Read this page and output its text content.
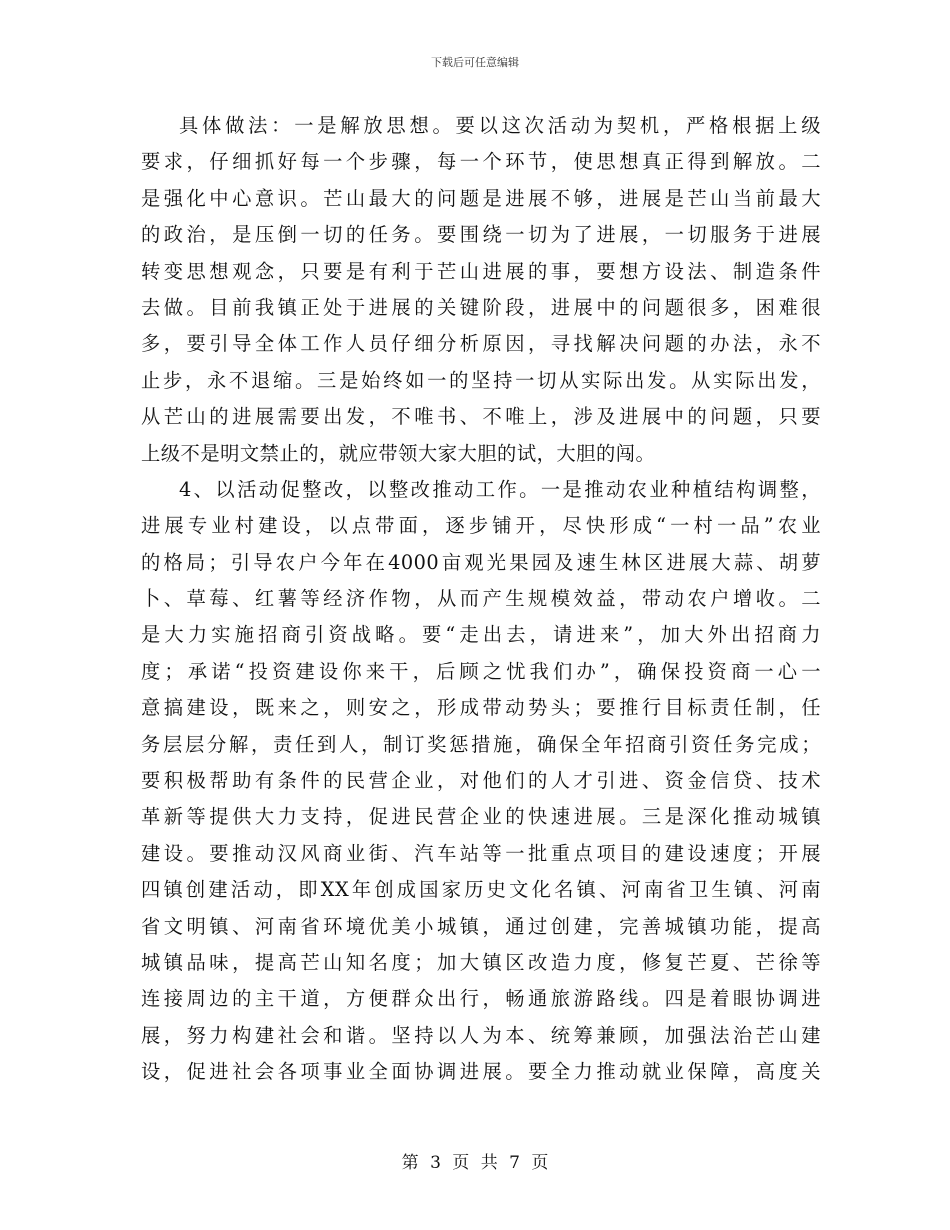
下载后可任意编辑
具体做法：一是解放思想。要以这次活动为契机，严格根据上级
要求，仔细抓好每一个步骤，每一个环节，使思想真正得到解放。二
是强化中心意识。芒山最大的问题是进展不够，进展是芒山当前最大
的政治，是压倒一切的任务。要围绕一切为了进展，一切服务于进展
转变思想观念，只要是有利于芒山进展的事，要想方设法、制造条件
去做。目前我镇正处于进展的关键阶段，进展中的问题很多，困难很
多，要引导全体工作人员仔细分析原因，寻找解决问题的办法，永不
止步，永不退缩。三是始终如一的坚持一切从实际出发。从实际出发，
从芒山的进展需要出发，不唯书、不唯上，涉及进展中的问题，只要
上级不是明文禁止的，就应带领大家大胆的试，大胆的闯。
4、以活动促整改，以整改推动工作。一是推动农业种植结构调整，
进展专业村建设，以点带面，逐步铺开，尽快形成“一村一品”农业
的格局；引导农户今年在4000亩观光果园及速生林区进展大蒜、胡萝
卜、草莓、红薯等经济作物，从而产生规模效益，带动农户增收。二
是大力实施招商引资战略。要“走出去，请进来”，加大外出招商力
度；承诺“投资建设你来干，后顾之忧我们办”，确保投资商一心一
意搞建设，既来之，则安之，形成带动势头；要推行目标责任制，任
务层层分解，责任到人，制订奖惩措施，确保全年招商引资任务完成；
要积极帮助有条件的民营企业，对他们的人才引进、资金信贷、技术
革新等提供大力支持，促进民营企业的快速进展。三是深化推动城镇
建设。要推动汉风商业街、汽车站等一批重点项目的建设速度；开展
四镇创建活动，即XX年创成国家历史文化名镇、河南省卫生镇、河南
省文明镇、河南省环境优美小城镇，通过创建，完善城镇功能，提高
城镇品味，提高芒山知名度；加大镇区改造力度，修复芒夏、芒徐等
连接周边的主干道，方便群众出行，畅通旅游路线。四是着眼协调进
展，努力构建社会和谐。坚持以人为本、统筹兼顾，加强法治芒山建
设，促进社会各项事业全面协调进展。要全力推动就业保障，高度关
第 3 页 共 7 页
